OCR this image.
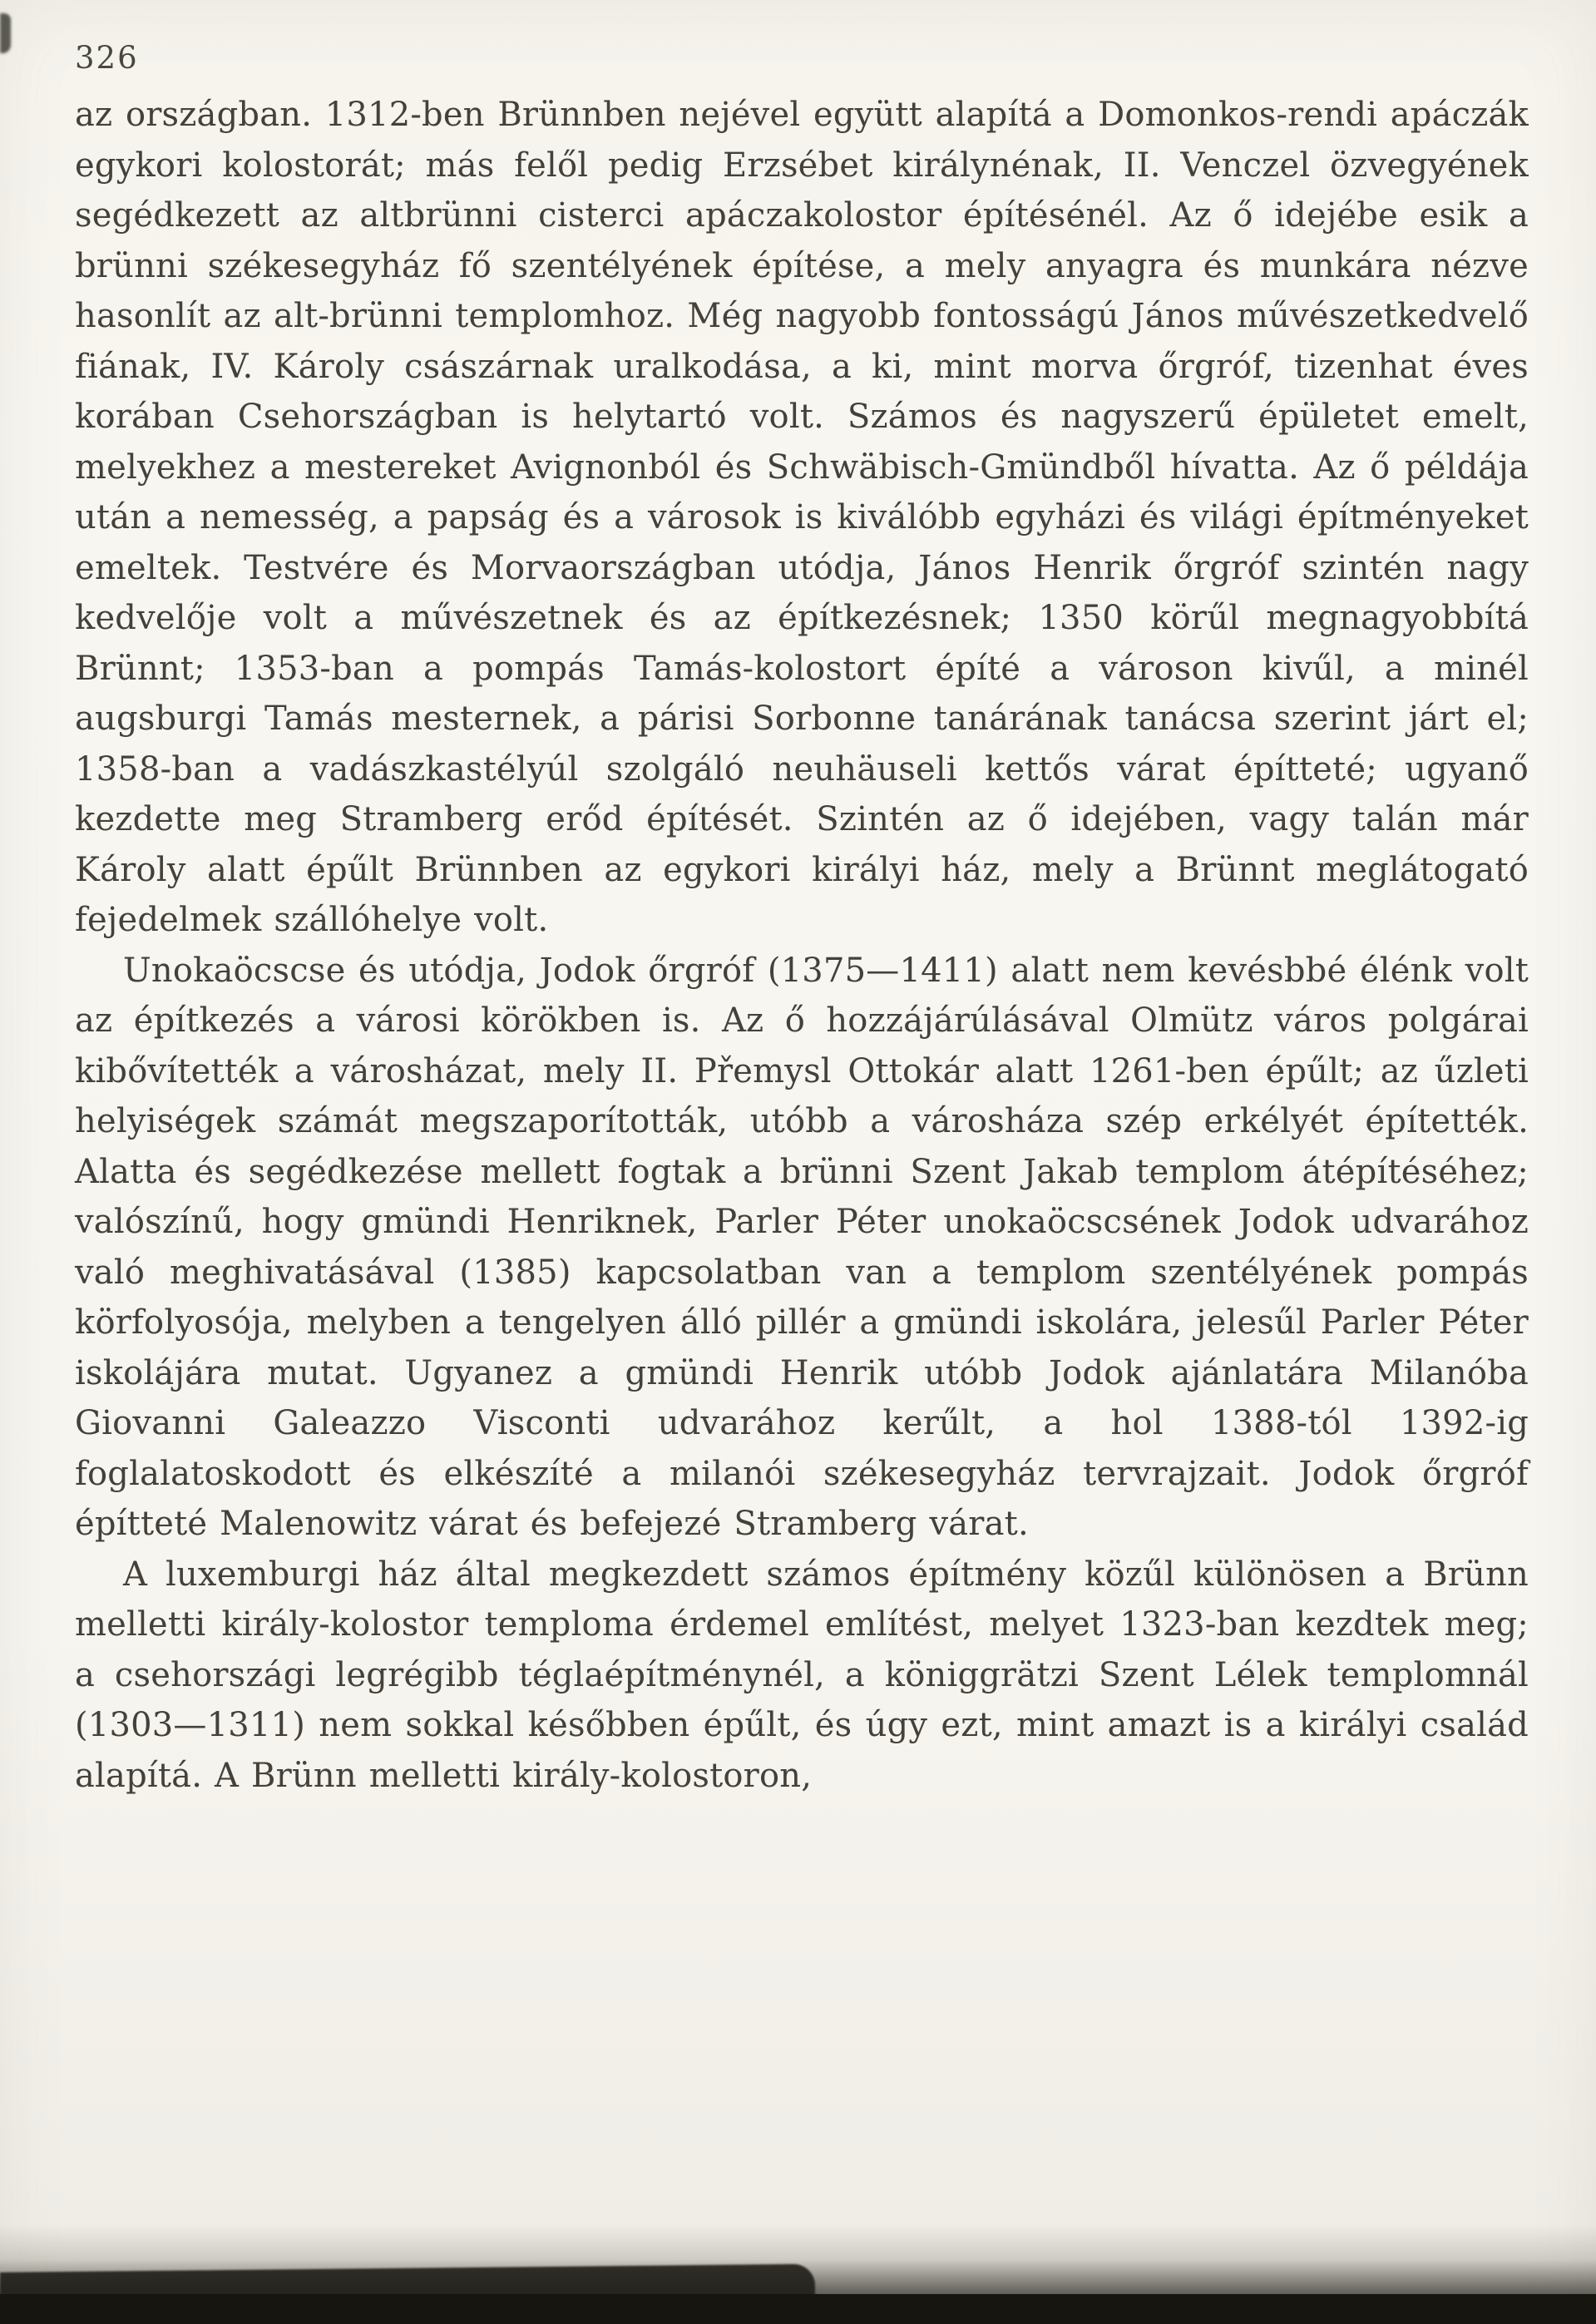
326

az országban. 1312-ben Brünnben nejével együtt alapítá a Domonkos-rendi apáczák egykori kolostorát; más felől pedig Erzsébet királynénak, II. Venczel özvegyének segédkezett az altbrünni cisterci apáczakolostor építésénél. Az ő idejébe esik a brünni székesegyház fő szentélyének építése, a mely anyagra és munkára nézve hasonlít az alt-brünni templomhoz. Még nagyobb fontosságú János művészetkedvelő fiának, IV. Károly császárnak uralkodása, a ki, mint morva őrgróf, tizenhat éves korában Csehországban is helytartó volt. Számos és nagyszerű épületet emelt, melyekhez a mestereket Avignonból és Schwäbisch-Gmündből hívatta. Az ő példája után a nemesség, a papság és a városok is kiválóbb egyházi és világi építményeket emeltek. Testvére és Morvaországban utódja, János Henrik őrgróf szintén nagy kedvelője volt a művészetnek és az építkezésnek; 1350 körűl megnagyobbítá Brünnt; 1353-ban a pompás Tamás-kolostort építé a városon kivűl, a minél augsburgi Tamás mesternek, a párisi Sorbonne tanárának tanácsa szerint járt el; 1358-ban a vadászkastélyúl szolgáló neuhäuseli kettős várat építteté; ugyanő kezdette meg Stramberg erőd építését. Szintén az ő idejében, vagy talán már Károly alatt épűlt Brünnben az egykori királyi ház, mely a Brünnt meglátogató fejedelmek szállóhelye volt.

Unokaöcscse és utódja, Jodok őrgróf (1375—1411) alatt nem kevésbbé élénk volt az építkezés a városi körökben is. Az ő hozzájárúlásával Olmütz város polgárai kibővítették a városházat, mely II. Přemysl Ottokár alatt 1261-ben épűlt; az űzleti helyiségek számát megszaporították, utóbb a városháza szép erkélyét építették. Alatta és segédkezése mellett fogtak a brünni Szent Jakab templom átépítéséhez; valószínű, hogy gmündi Henriknek, Parler Péter unokaöcscsének Jodok udvarához való meghivatásával (1385) kapcsolatban van a templom szentélyének pompás körfolyosója, melyben a tengelyen álló pillér a gmündi iskolára, jelesűl Parler Péter iskolájára mutat. Ugyanez a gmündi Henrik utóbb Jodok ajánlatára Milanóba Giovanni Galeazzo Visconti udvarához kerűlt, a hol 1388-tól 1392-ig foglalatoskodott és elkészíté a milanói székesegyház tervrajzait. Jodok őrgróf építteté Malenowitz várat és befejezé Stramberg várat.

A luxemburgi ház által megkezdett számos építmény közűl különösen a Brünn melletti király-kolostor temploma érdemel említést, melyet 1323-ban kezdtek meg; a csehországi legrégibb téglaépítménynél, a königgrätzi Szent Lélek templomnál (1303—1311) nem sokkal későbben épűlt, és úgy ezt, mint amazt is a királyi család alapítá. A Brünn melletti király-kolostoron,
